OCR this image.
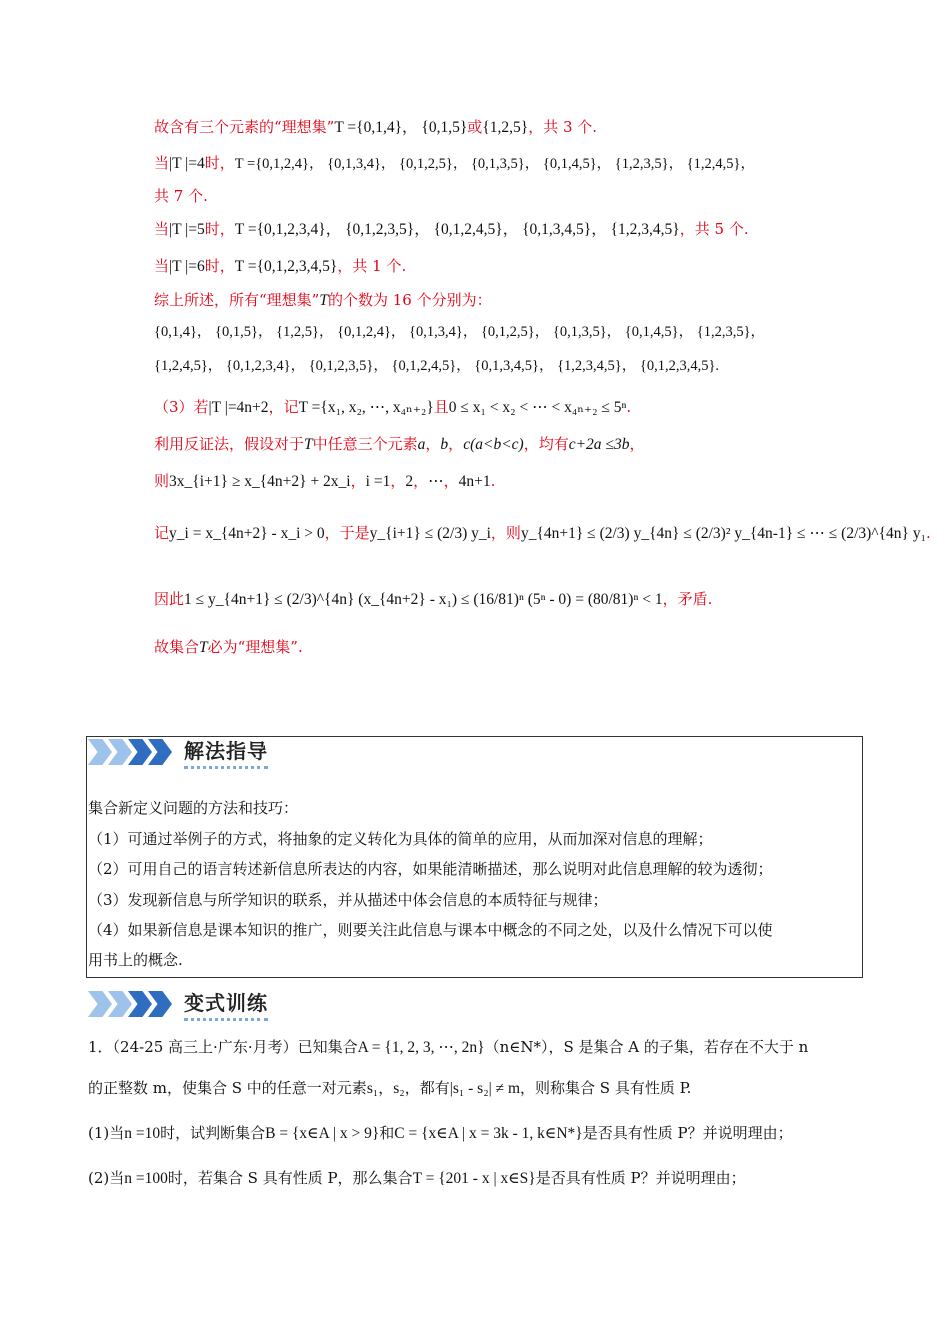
故含有三个元素的“理想集”T ={0,1,4}， {0,1,5}或{1,2,5}，共 3 个.
当|T |=4时，T ={0,1,2,4}， {0,1,3,4}， {0,1,2,5}， {0,1,3,5}， {0,1,4,5}， {1,2,3,5}， {1,2,4,5}，
共 7 个.
当|T |=5时，T ={0,1,2,3,4}， {0,1,2,3,5}， {0,1,2,4,5}， {0,1,3,4,5}， {1,2,3,4,5}，共 5 个.
当|T |=6时，T ={0,1,2,3,4,5}，共 1 个.
综上所述，所有“理想集”T的个数为 16 个分别为：
{0,1,4}， {0,1,5}， {1,2,5}， {0,1,2,4}， {0,1,3,4}， {0,1,2,5}， {0,1,3,5}， {0,1,4,5}， {1,2,3,5}，
{1,2,4,5}， {0,1,2,3,4}， {0,1,2,3,5}， {0,1,2,4,5}， {0,1,3,4,5}， {1,2,3,4,5}， {0,1,2,3,4,5}.
（3）若|T |=4n+2，记T ={x₁, x₂, ⋯, x₄ₙ₊₂}且0 ≤ x₁ < x₂ < ⋯ < x₄ₙ₊₂ ≤ 5ⁿ.
利用反证法，假设对于T中任意三个元素a，b，c(a<b<c)，均有c+2a ≤3b，
则3x_{i+1} ≥ x_{4n+2} + 2x_i，i =1，2，⋯，4n+1.
记y_i = x_{4n+2} - x_i > 0，于是y_{i+1} ≤ (2/3) y_i，则y_{4n+1} ≤ (2/3) y_{4n} ≤ (2/3)² y_{4n-1} ≤ ⋯ ≤ (2/3)^{4n} y₁.
因此1 ≤ y_{4n+1} ≤ (2/3)^{4n} (x_{4n+2} - x₁) ≤ (16/81)ⁿ (5ⁿ - 0) = (80/81)ⁿ < 1，矛盾.
故集合T必为“理想集”.
解法指导
集合新定义问题的方法和技巧：
（1）可通过举例子的方式，将抽象的定义转化为具体的简单的应用，从而加深对信息的理解；
（2）可用自己的语言转述新信息所表达的内容，如果能清晰描述，那么说明对此信息理解的较为透彻；
（3）发现新信息与所学知识的联系，并从描述中体会信息的本质特征与规律；
（4）如果新信息是课本知识的推广，则要关注此信息与课本中概念的不同之处，以及什么情况下可以使
用书上的概念.
变式训练
1．（24-25 高三上·广东·月考）已知集合A = {1, 2, 3, ⋯, 2n}（n∈N*），S 是集合 A 的子集，若存在不大于 n
的正整数 m，使集合 S 中的任意一对元素s₁，s₂，都有|s₁ - s₂| ≠ m，则称集合 S 具有性质 P.
(1)当n =10时，试判断集合B = {x∈A | x > 9}和C = {x∈A | x = 3k - 1, k∈N*}是否具有性质 P？并说明理由；
(2)当n =100时，若集合 S 具有性质 P，那么集合T = {201 - x | x∈S}是否具有性质 P？并说明理由；
